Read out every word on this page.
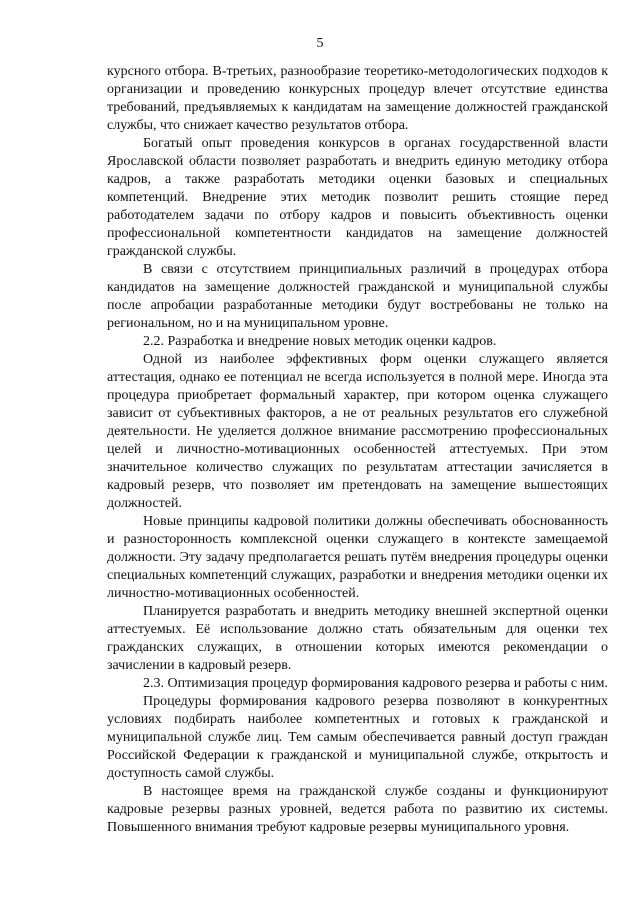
5

курсного отбора. В-третьих, разнообразие теоретико-методологических подходов к организации и проведению конкурсных процедур влечет отсутствие единства требований, предъявляемых к кандидатам на замещение должностей гражданской службы, что снижает качество результатов отбора.

Богатый опыт проведения конкурсов в органах государственной власти Ярославской области позволяет разработать и внедрить единую методику отбора кадров, а также разработать методики оценки базовых и специальных компетенций. Внедрение этих методик позволит решить стоящие перед работодателем задачи по отбору кадров и повысить объективность оценки профессиональной компетентности кандидатов на замещение должностей гражданской службы.

В связи с отсутствием принципиальных различий в процедурах отбора кандидатов на замещение должностей гражданской и муниципальной службы после апробации разработанные методики будут востребованы не только на региональном, но и на муниципальном уровне.

2.2. Разработка и внедрение новых методик оценки кадров.

Одной из наиболее эффективных форм оценки служащего является аттестация, однако ее потенциал не всегда используется в полной мере. Иногда эта процедура приобретает формальный характер, при котором оценка служащего зависит от субъективных факторов, а не от реальных результатов его служебной деятельности. Не уделяется должное внимание рассмотрению профессиональных целей и личностно-мотивационных особенностей аттестуемых. При этом значительное количество служащих по результатам аттестации зачисляется в кадровый резерв, что позволяет им претендовать на замещение вышестоящих должностей.

Новые принципы кадровой политики должны обеспечивать обоснованность и разносторонность комплексной оценки служащего в контексте замещаемой должности. Эту задачу предполагается решать путём внедрения процедуры оценки специальных компетенций служащих, разработки и внедрения методики оценки их личностно-мотивационных особенностей.

Планируется разработать и внедрить методику внешней экспертной оценки аттестуемых. Её использование должно стать обязательным для оценки тех гражданских служащих, в отношении которых имеются рекомендации о зачислении в кадровый резерв.

2.3. Оптимизация процедур формирования кадрового резерва и работы с ним.

Процедуры формирования кадрового резерва позволяют в конкурентных условиях подбирать наиболее компетентных и готовых к гражданской и муниципальной службе лиц. Тем самым обеспечивается равный доступ граждан Российской Федерации к гражданской и муниципальной службе, открытость и доступность самой службы.

В настоящее время на гражданской службе созданы и функционируют кадровые резервы разных уровней, ведется работа по развитию их системы. Повышенного внимания требуют кадровые резервы муниципального уровня.
